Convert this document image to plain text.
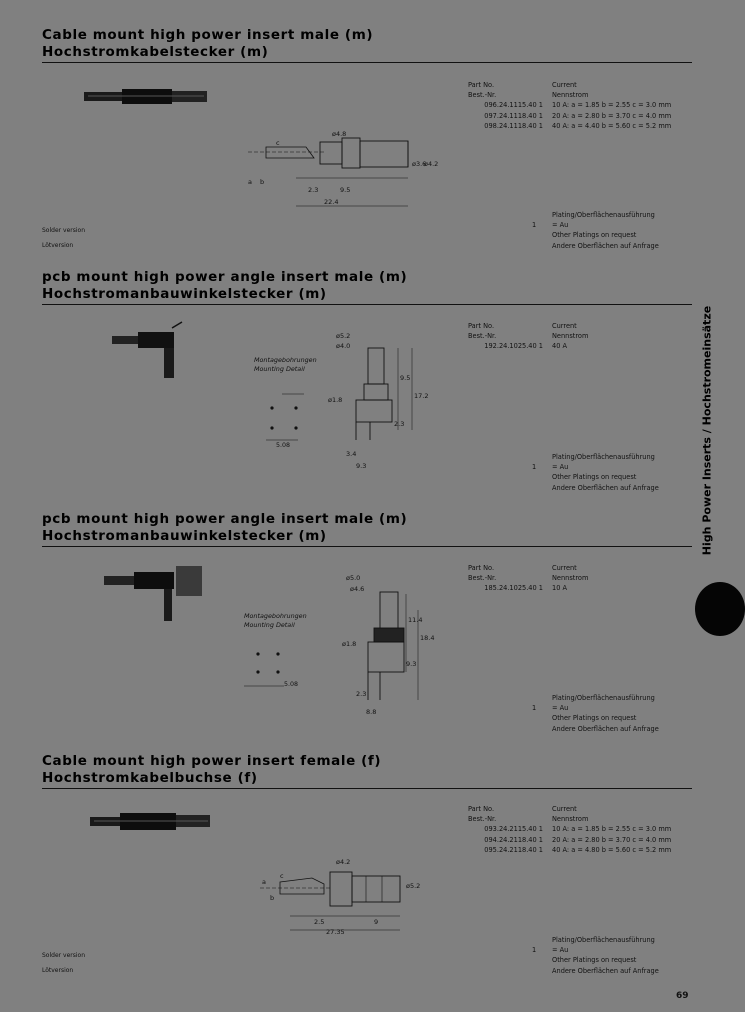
Cable mount high power insert male (m)
Hochstromkabelstecker (m)
a b
c
ø4.8
ø3.6
ø4.2
2.3	9.5
22.4
Part No.
Best.-Nr.
096.24.1115.40 1
097.24.1118.40 1
098.24.1118.40 1
Current
Nennstrom
10 A: a = 1.85 b = 2.55 c = 3.0 mm
20 A: a = 2.80 b = 3.70 c = 4.0 mm
40 A: a = 4.40 b = 5.60 c = 5.2 mm
Plating/Oberflächenausführung
1 = Au
Other Platings on request
Andere Oberflächen auf Anfrage
Solder version
Lötversion
pcb mount high power angle insert male (m)
Hochstromanbauwinkelstecker (m)
Montagebohrungen
Mounting Detail
5.08
ø5.2
ø4.0
ø1.8
9.5
17.2
2.3
3.4
9.3
Part No.
Best.-Nr.
192.24.1025.40 1
Current
Nennstrom
40 A
Plating/Oberflächenausführung
1 = Au
Other Platings on request
Andere Oberflächen auf Anfrage
pcb mount high power angle insert male (m)
Hochstromanbauwinkelstecker (m)
Montagebohrungen
Mounting Detail
5.08
ø5.0
ø4.6
ø1.8
11.4
18.4
9.3
2.3
8.8
Part No.
Best.-Nr.
185.24.1025.40 1
Current
Nennstrom
10 A
Plating/Oberflächenausführung
1 = Au
Other Platings on request
Andere Oberflächen auf Anfrage
Cable mount high power insert female (f)
Hochstromkabelbuchse (f)
a
b
c
ø4.2
ø5.2
2.5	9
27.35
Part No.
Best.-Nr.
093.24.2115.40 1
094.24.2118.40 1
095.24.2118.40 1
Current
Nennstrom
10 A: a = 1.85 b = 2.55 c = 3.0 mm
20 A: a = 2.80 b = 3.70 c = 4.0 mm
40 A: a = 4.80 b = 5.60 c = 5.2 mm
Plating/Oberflächenausführung
1 = Au
Other Platings on request
Andere Oberflächen auf Anfrage
Solder version
Lötversion
High Power Inserts / Hochstromeinsätze
69
